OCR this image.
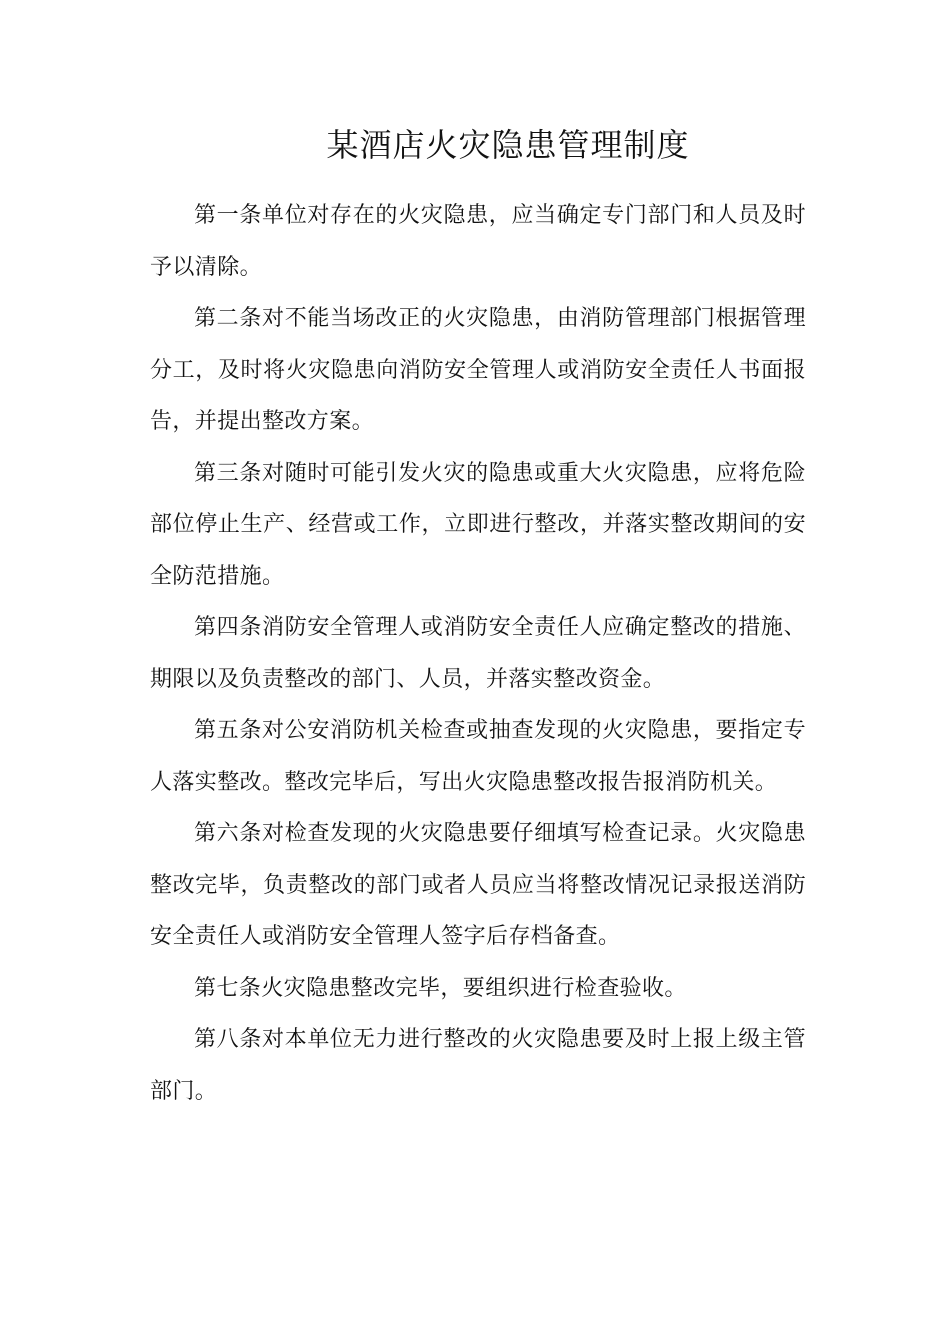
某酒店火灾隐患管理制度

第一条单位对存在的火灾隐患，应当确定专门部门和人员及时予以清除。

第二条对不能当场改正的火灾隐患，由消防管理部门根据管理分工，及时将火灾隐患向消防安全管理人或消防安全责任人书面报告，并提出整改方案。

第三条对随时可能引发火灾的隐患或重大火灾隐患，应将危险部位停止生产、经营或工作，立即进行整改，并落实整改期间的安全防范措施。

第四条消防安全管理人或消防安全责任人应确定整改的措施、期限以及负责整改的部门、人员，并落实整改资金。

第五条对公安消防机关检查或抽查发现的火灾隐患，要指定专人落实整改。整改完毕后，写出火灾隐患整改报告报消防机关。

第六条对检查发现的火灾隐患要仔细填写检查记录。火灾隐患整改完毕，负责整改的部门或者人员应当将整改情况记录报送消防安全责任人或消防安全管理人签字后存档备查。

第七条火灾隐患整改完毕，要组织进行检查验收。

第八条对本单位无力进行整改的火灾隐患要及时上报上级主管部门。
